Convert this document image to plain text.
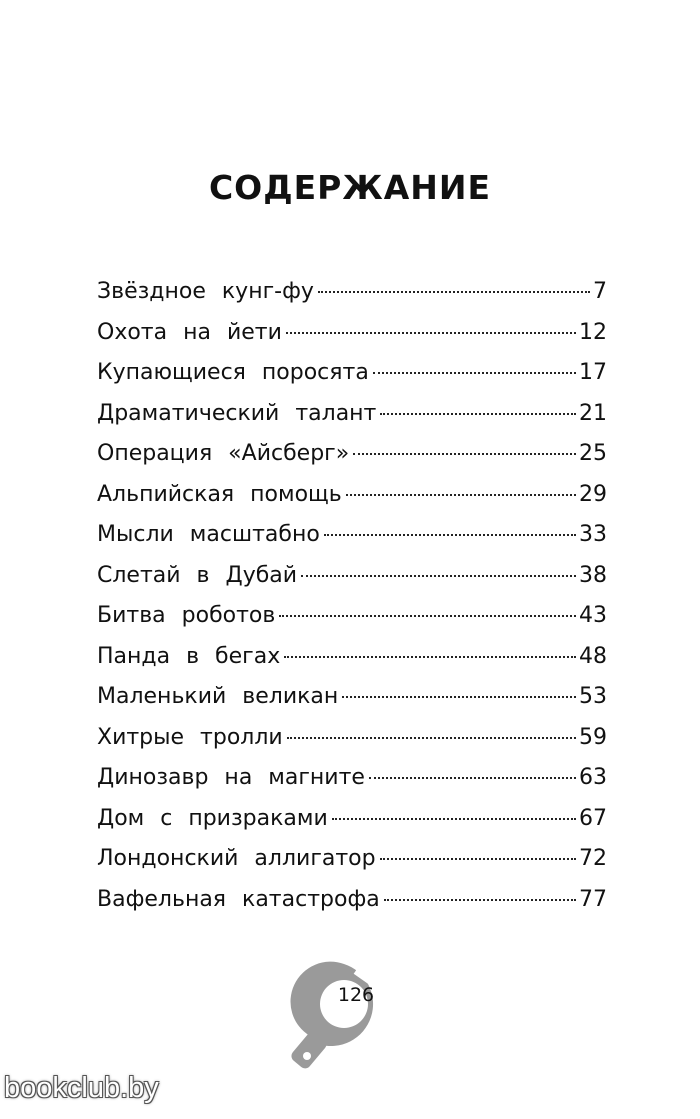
СОДЕРЖАНИЕ
Звёздное кунг-фу	7
Охота на йети	12
Купающиеся поросята	17
Драматический талант	21
Операция «Айсберг»	25
Альпийская помощь	29
Мысли масштабно	33
Слетай в Дубай	38
Битва роботов	43
Панда в бегах	48
Маленький великан	53
Хитрые тролли	59
Динозавр на магните	63
Дом с призраками	67
Лондонский аллигатор	72
Вафельная катастрофа	77
126
bookclub.by
